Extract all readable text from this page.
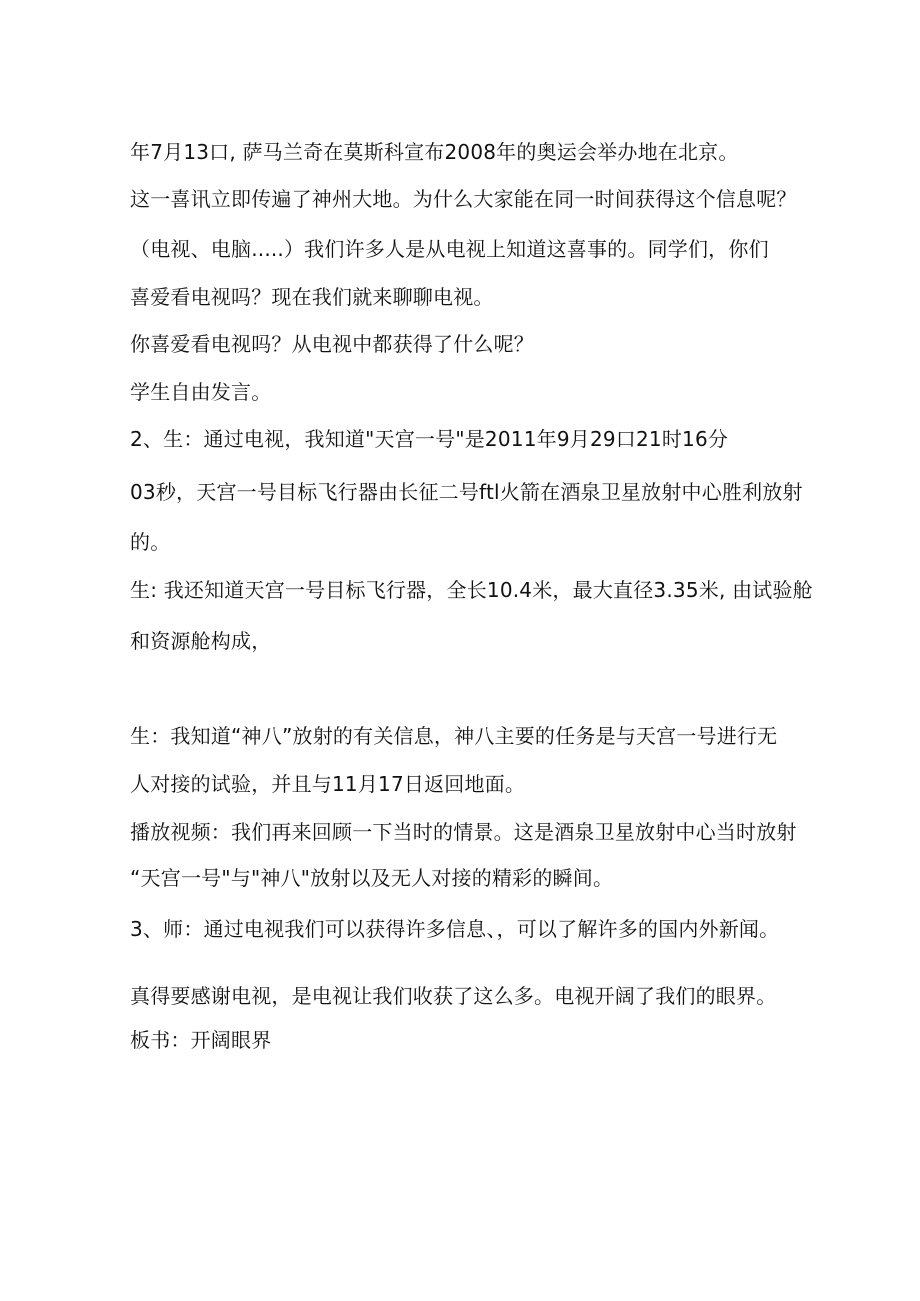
年7月13口, 萨马兰奇在莫斯科宣布2008年的奥运会举办地在北京。
这一喜讯立即传遍了神州大地。为什么大家能在同一时间获得这个信息呢？
（电视、电脑.....）我们许多人是从电视上知道这喜事的。同学们，你们
喜爱看电视吗？现在我们就来聊聊电视。
你喜爱看电视吗？从电视中都获得了什么呢？
学生自由发言。
2、生：通过电视，我知道"天宫一号"是2011年9月29口21时16分
03秒，天宫一号目标飞行器由长征二号ftl火箭在酒泉卫星放射中心胜利放射
的。
生: 我还知道天宫一号目标飞行器，全长10.4米，最大直径3.35米, 由试验舱
和资源舱构成，
生：我知道“神八”放射的有关信息，神八主要的任务是与天宫一号进行无
人对接的试验，并且与11月17日返回地面。
播放视频：我们再来回顾一下当时的情景。这是酒泉卫星放射中心当时放射
“天宫一号"与"神八"放射以及无人对接的精彩的瞬间。
3、师：通过电视我们可以获得许多信息、，可以了解许多的国内外新闻。
真得要感谢电视，是电视让我们收获了这么多。电视开阔了我们的眼界。
板书：开阔眼界
